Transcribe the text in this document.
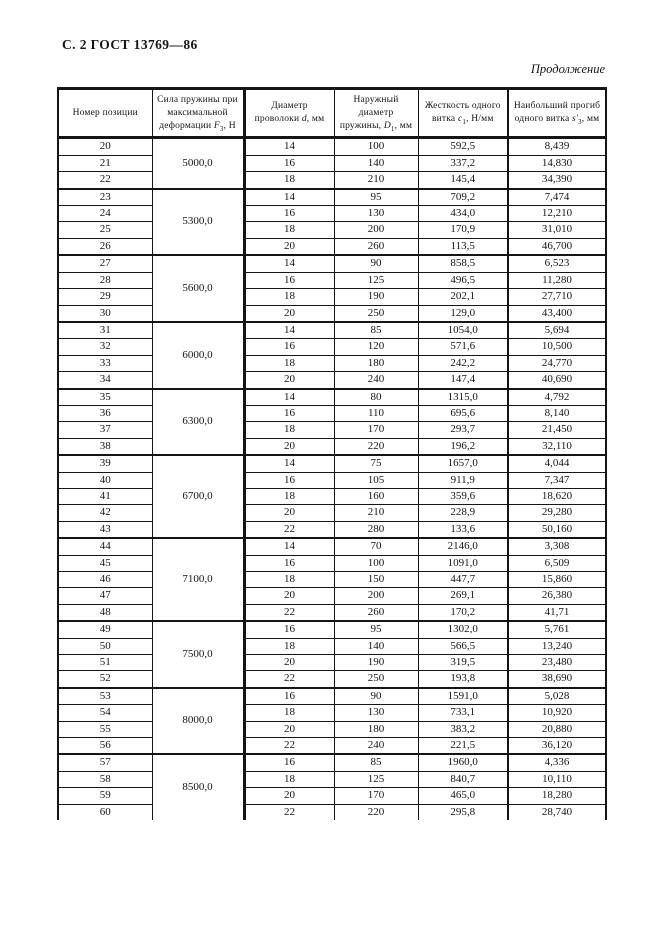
С. 2 ГОСТ 13769—86
Продолжение
Номер позиции	Сила пружины при максимальной деформации $F_3$, Н	Диаметр проволоки d, мм	Наружный диаметр пружины, $D_1$, мм	Жесткость одного витка $c_1$, Н/мм	Наибольший прогиб одного витка $s'_3$, мм
20	5000,0	14	100	592,5	8,439
21		16	140	337,2	14,830
22		18	210	145,4	34,390
23	5300,0	14	95	709,2	7,474
24		16	130	434,0	12,210
25		18	200	170,9	31,010
26		20	260	113,5	46,700
27	5600,0	14	90	858,5	6,523
28		16	125	496,5	11,280
29		18	190	202,1	27,710
30		20	250	129,0	43,400
31	6000,0	14	85	1054,0	5,694
32		16	120	571,6	10,500
33		18	180	242,2	24,770
34		20	240	147,4	40,690
35	6300,0	14	80	1315,0	4,792
36		16	110	695,6	8,140
37		18	170	293,7	21,450
38		20	220	196,2	32,110
39	6700,0	14	75	1657,0	4,044
40		16	105	911,9	7,347
41		18	160	359,6	18,620
42		20	210	228,9	29,280
43		22	280	133,6	50,160
44	7100,0	14	70	2146,0	3,308
45		16	100	1091,0	6,509
46		18	150	447,7	15,860
47		20	200	269,1	26,380
48		22	260	170,2	41,71
49	7500,0	16	95	1302,0	5,761
50		18	140	566,5	13,240
51		20	190	319,5	23,480
52		22	250	193,8	38,690
53	8000,0	16	90	1591,0	5,028
54		18	130	733,1	10,920
55		20	180	383,2	20,880
56		22	240	221,5	36,120
57	8500,0	16	85	1960,0	4,336
58		18	125	840,7	10,110
59		20	170	465,0	18,280
60		22	220	295,8	28,740
